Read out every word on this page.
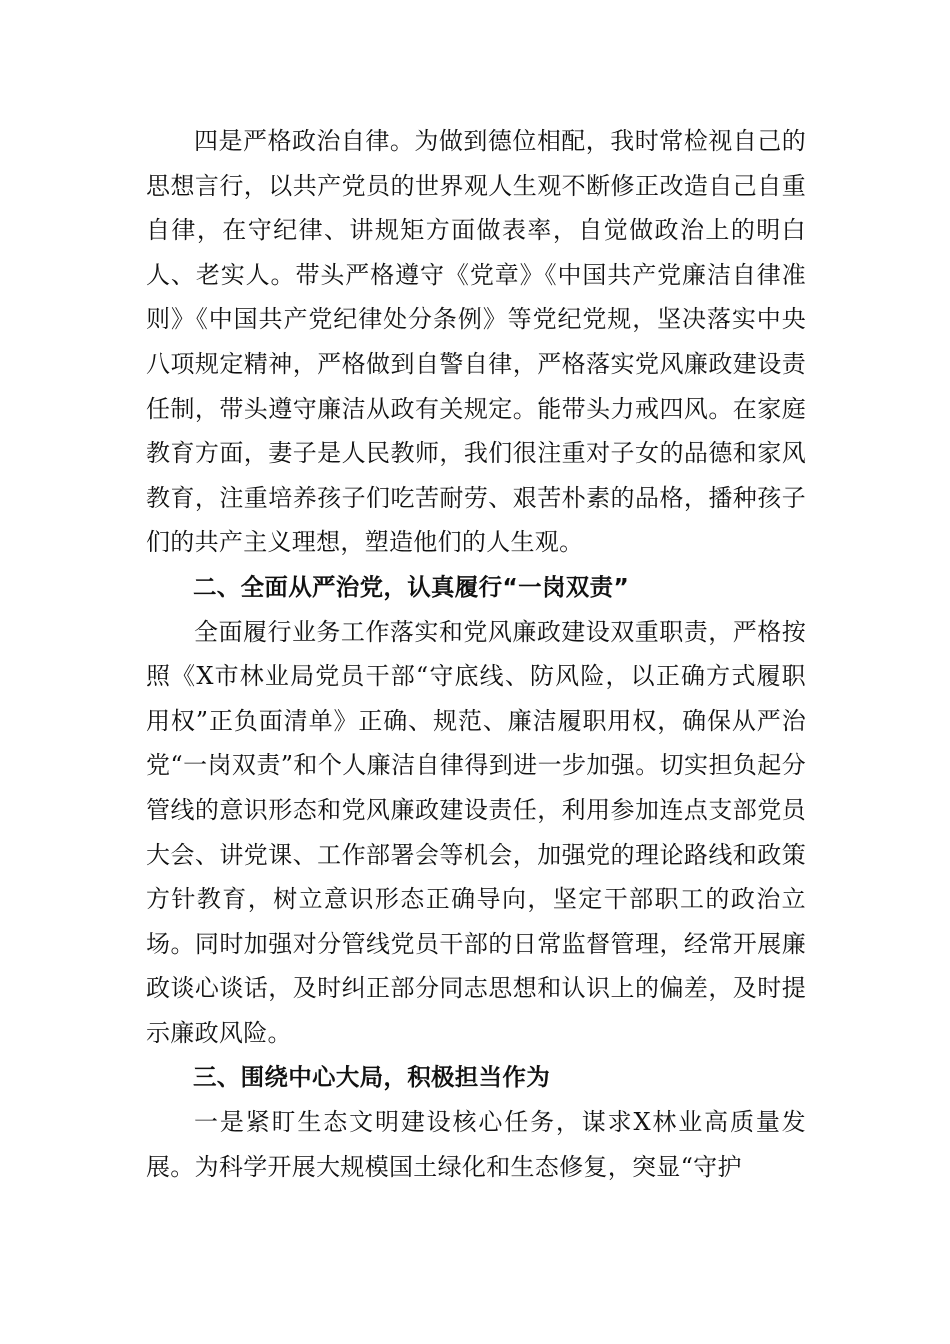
四是严格政治自律。为做到德位相配，我时常检视自己的思想言行，以共产党员的世界观人生观不断修正改造自己自重自律，在守纪律、讲规矩方面做表率，自觉做政治上的明白人、老实人。带头严格遵守《党章》《中国共产党廉洁自律准则》《中国共产党纪律处分条例》等党纪党规，坚决落实中央八项规定精神，严格做到自警自律，严格落实党风廉政建设责任制，带头遵守廉洁从政有关规定。能带头力戒四风。在家庭教育方面，妻子是人民教师，我们很注重对子女的品德和家风教育，注重培养孩子们吃苦耐劳、艰苦朴素的品格，播种孩子们的共产主义理想，塑造他们的人生观。

二、全面从严治党，认真履行“一岗双责”

全面履行业务工作落实和党风廉政建设双重职责，严格按照《X市林业局党员干部“守底线、防风险，以正确方式履职用权”正负面清单》正确、规范、廉洁履职用权，确保从严治党“一岗双责”和个人廉洁自律得到进一步加强。切实担负起分管线的意识形态和党风廉政建设责任，利用参加连点支部党员大会、讲党课、工作部署会等机会，加强党的理论路线和政策方针教育，树立意识形态正确导向，坚定干部职工的政治立场。同时加强对分管线党员干部的日常监督管理，经常开展廉政谈心谈话，及时纠正部分同志思想和认识上的偏差，及时提示廉政风险。

三、围绕中心大局，积极担当作为

一是紧盯生态文明建设核心任务，谋求X林业高质量发展。为科学开展大规模国土绿化和生态修复，突显“守护
